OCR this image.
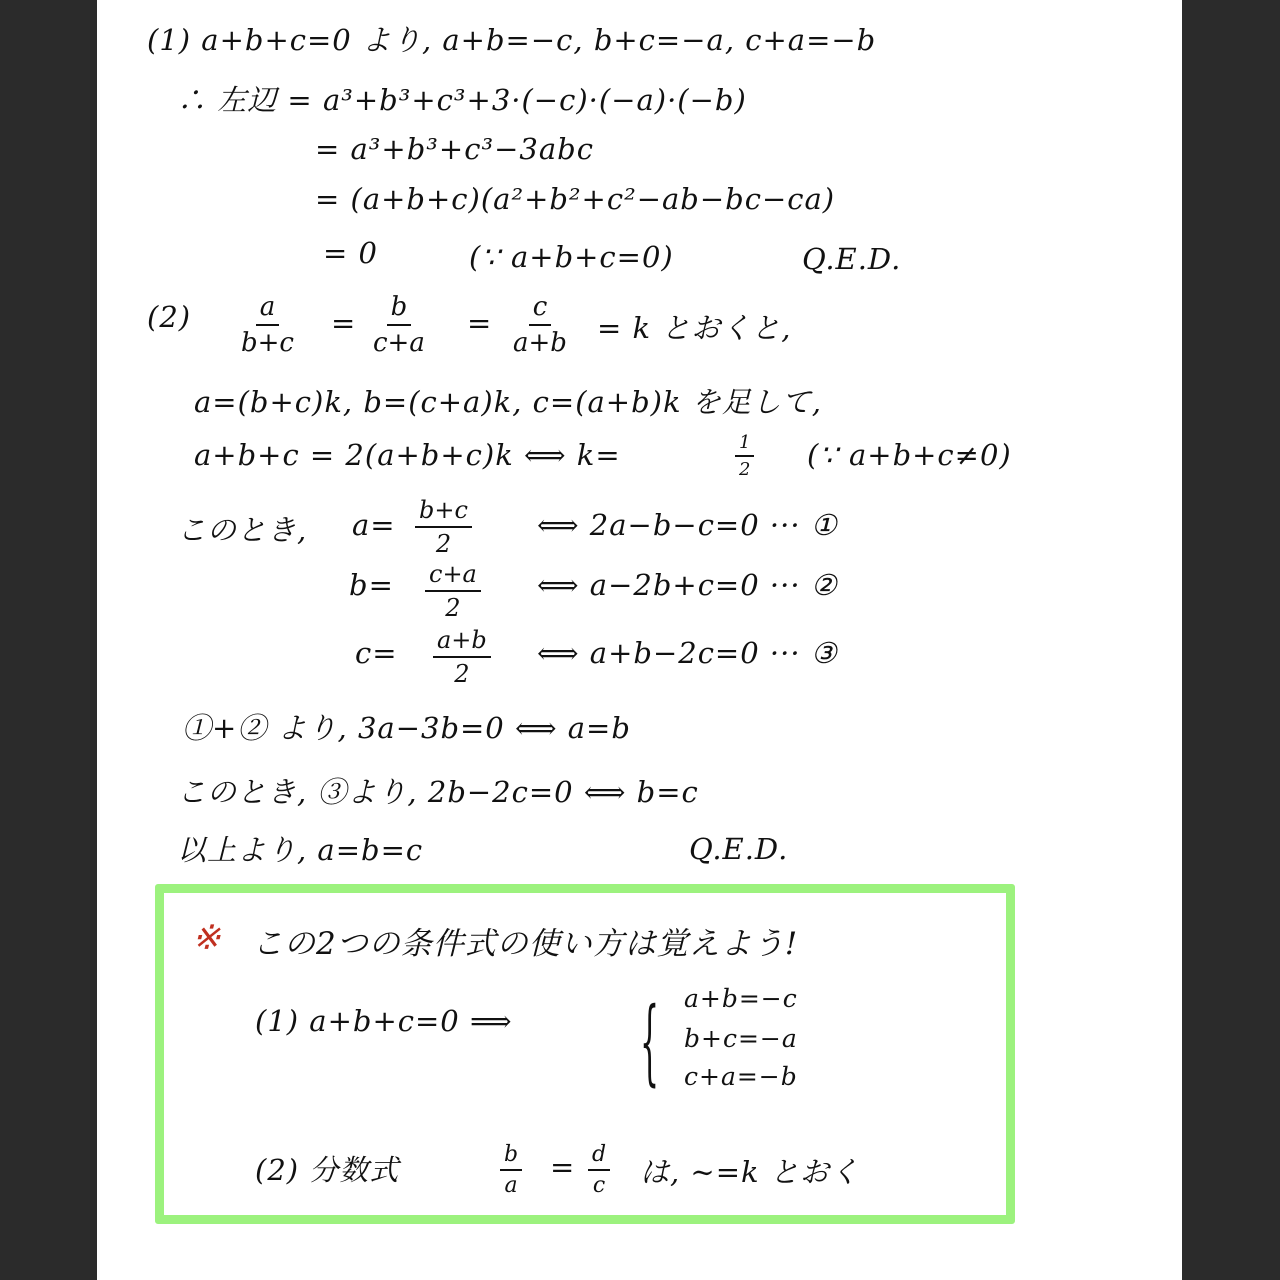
(1) a+b+c=0 より, a+b=−c, b+c=−a, c+a=−b
∴ 左辺 = a³+b³+c³+3·(−c)·(−a)·(−b)
= a³+b³+c³−3abc
= (a+b+c)(a²+b²+c²−ab−bc−ca)
= 0	(∵ a+b+c=0)	Q.E.D.
$(2) \frac{a}{b+c} = \frac{b}{c+a} = \frac{c}{a+b} = k$ とおくと,
a=(b+c)k, b=(c+a)k, c=(a+b)k を足して,
a+b+c = 2(a+b+c)k ⟺ k=	$\frac{1}{2}$ (∵ a+b+c≠0)
このとき, $a= \frac{b+c}{2}$ ⟺ 2a−b−c=0 ··· ①
$b= \frac{c+a}{2}$ ⟺ a−2b+c=0 ··· ②
$c= \frac{a+b}{2}$ ⟺ a+b−2c=0 ··· ③
①+② より, 3a−3b=0 ⟺ a=b
このとき, ③より, 2b−2c=0 ⟺ b=c
以上より, a=b=c	Q.E.D.
※ この2つの条件式の使い方は覚えよう!
(1) a+b+c=0 ⟹	{ a+b=−c
b+c=−a
c+a=−b
(2) 分数式	$\frac{b}{a} = \frac{d}{c}$ は, ∼=k とおく
